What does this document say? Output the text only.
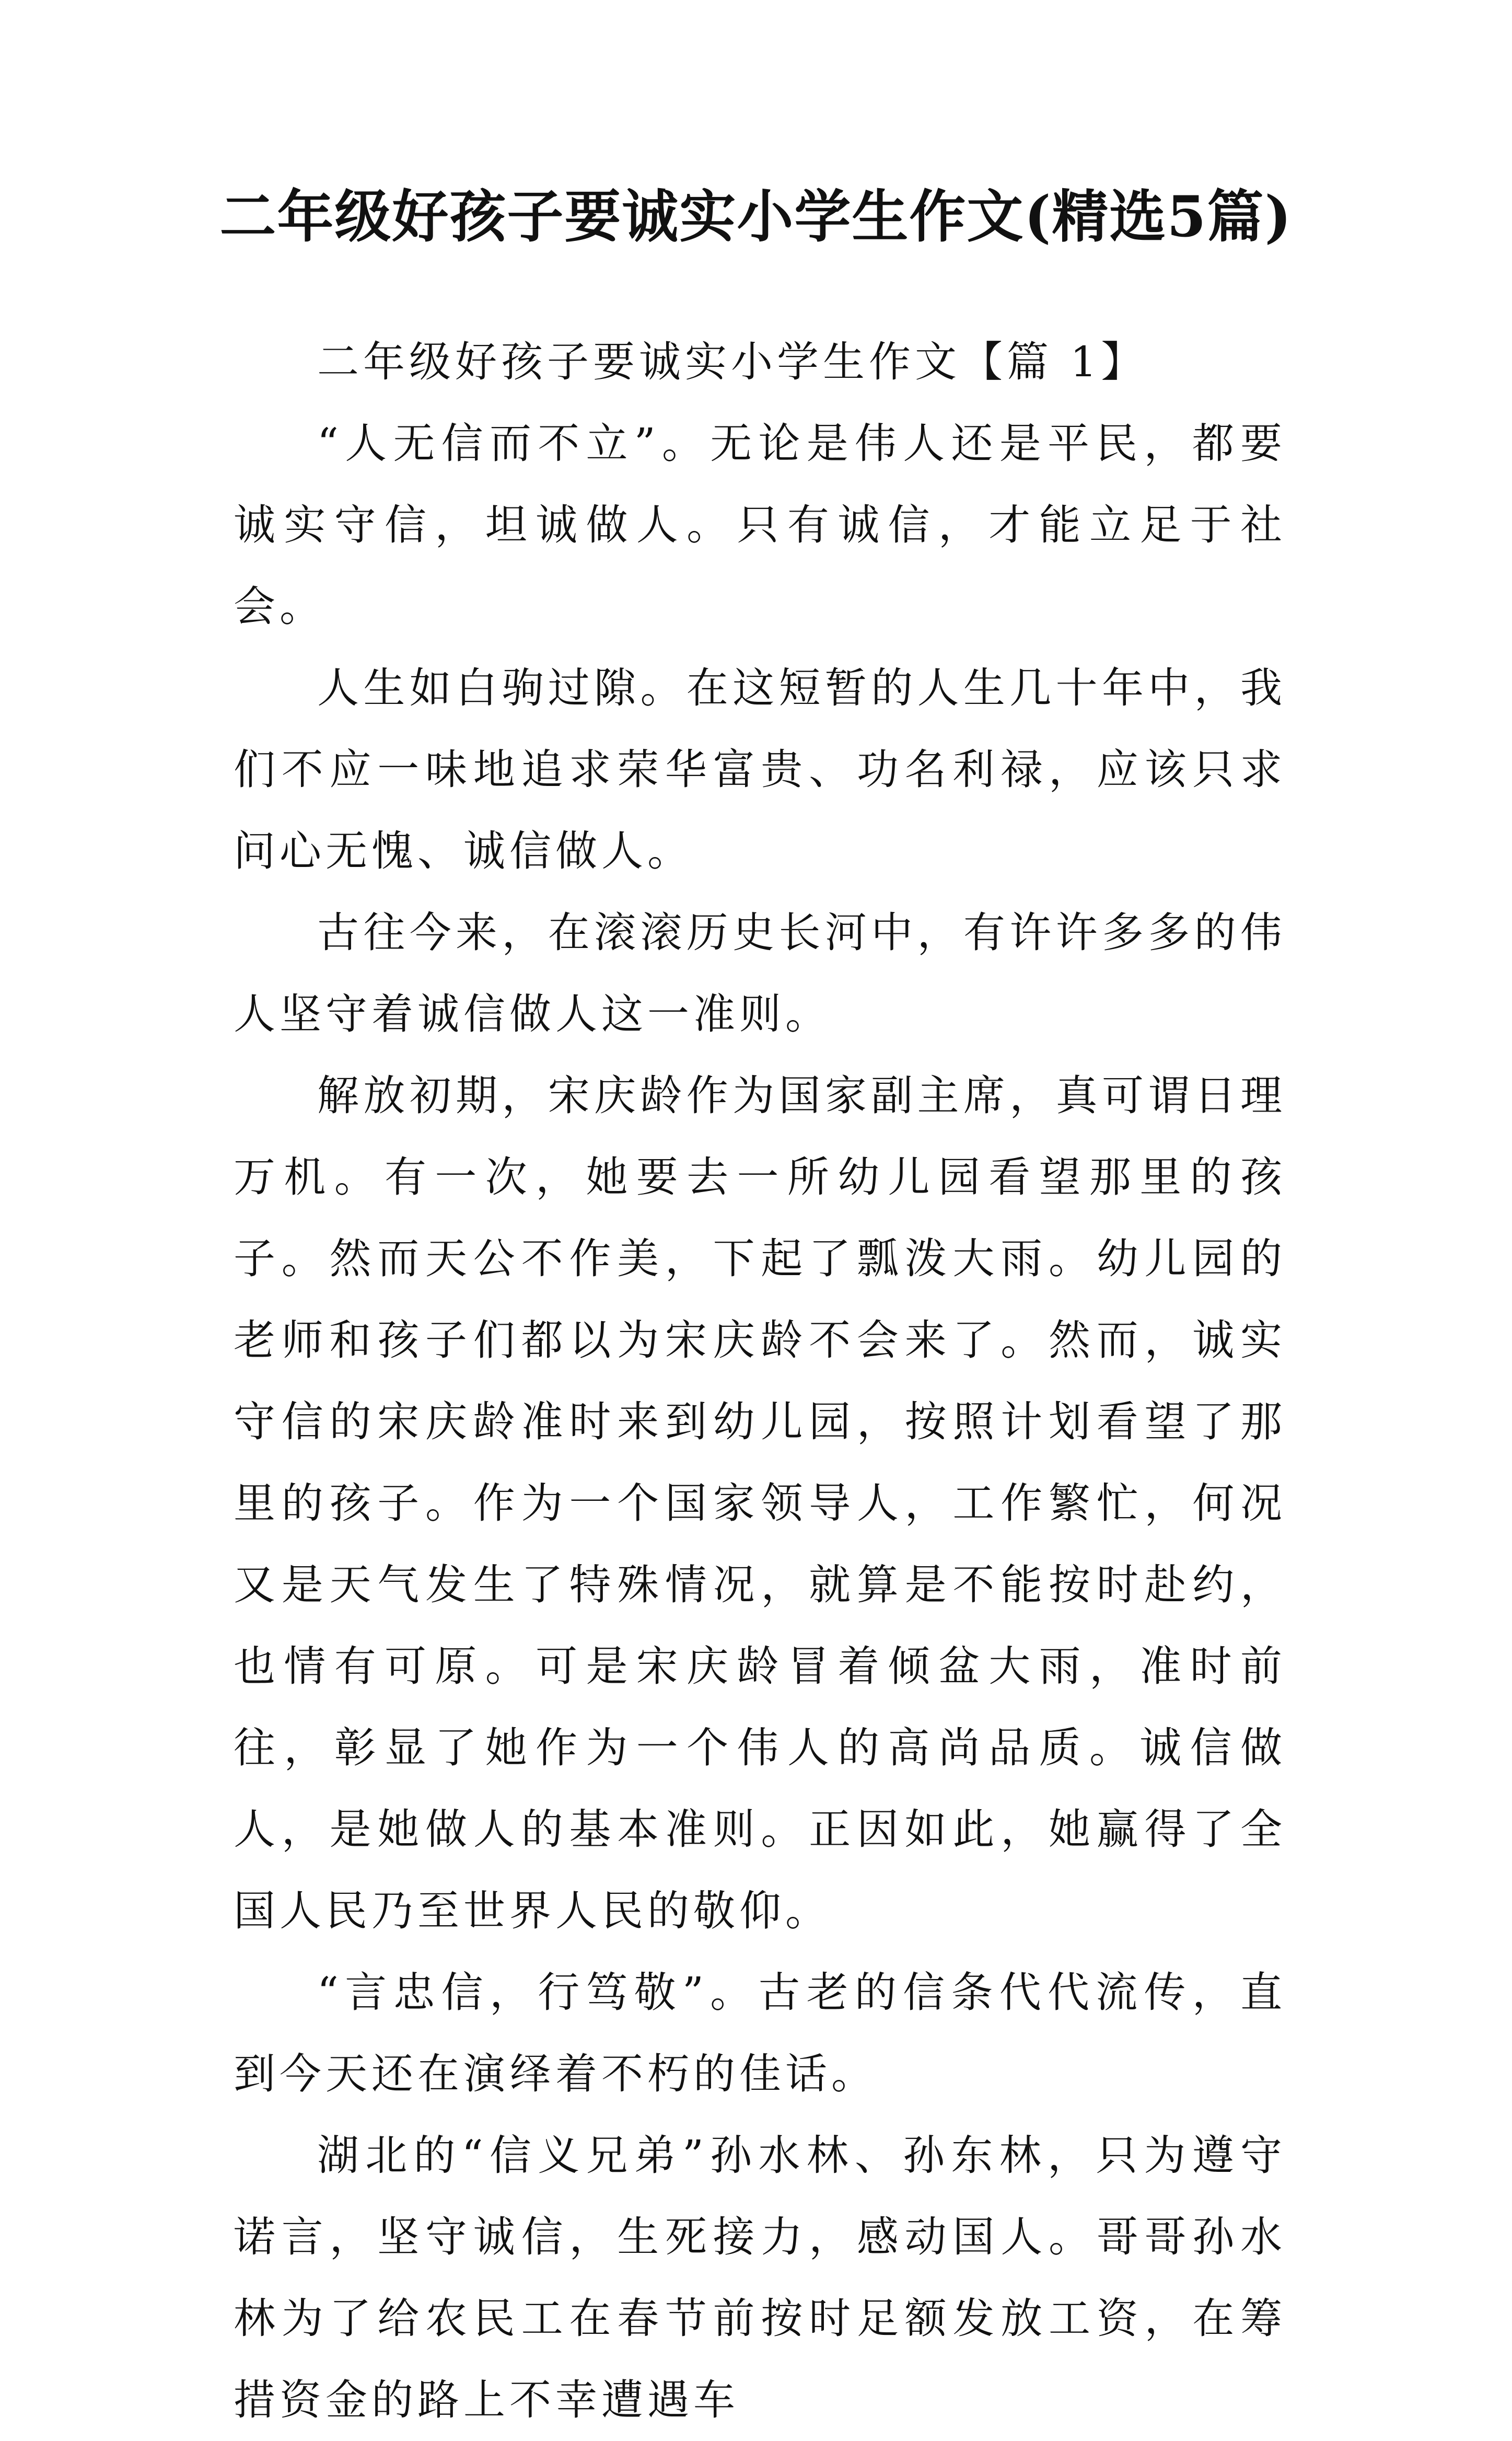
二年级好孩子要诚实小学生作文(精选5篇)

二年级好孩子要诚实小学生作文【篇 1】

“人无信而不立”。无论是伟人还是平民，都要诚实守信，坦诚做人。只有诚信，才能立足于社会。

人生如白驹过隙。在这短暂的人生几十年中，我们不应一味地追求荣华富贵、功名利禄，应该只求问心无愧、诚信做人。

古往今来，在滚滚历史长河中，有许许多多的伟人坚守着诚信做人这一准则。

解放初期，宋庆龄作为国家副主席，真可谓日理万机。有一次，她要去一所幼儿园看望那里的孩子。然而天公不作美，下起了瓢泼大雨。幼儿园的老师和孩子们都以为宋庆龄不会来了。然而，诚实守信的宋庆龄准时来到幼儿园，按照计划看望了那里的孩子。作为一个国家领导人，工作繁忙，何况又是天气发生了特殊情况，就算是不能按时赴约，也情有可原。可是宋庆龄冒着倾盆大雨，准时前往，彰显了她作为一个伟人的高尚品质。诚信做人，是她做人的基本准则。正因如此，她赢得了全国人民乃至世界人民的敬仰。

“言忠信，行笃敬”。古老的信条代代流传，直到今天还在演绎着不朽的佳话。

湖北的“信义兄弟”孙水林、孙东林，只为遵守诺言，坚守诚信，生死接力，感动国人。哥哥孙水林为了给农民工在春节前按时足额发放工资，在筹措资金的路上不幸遭遇车
